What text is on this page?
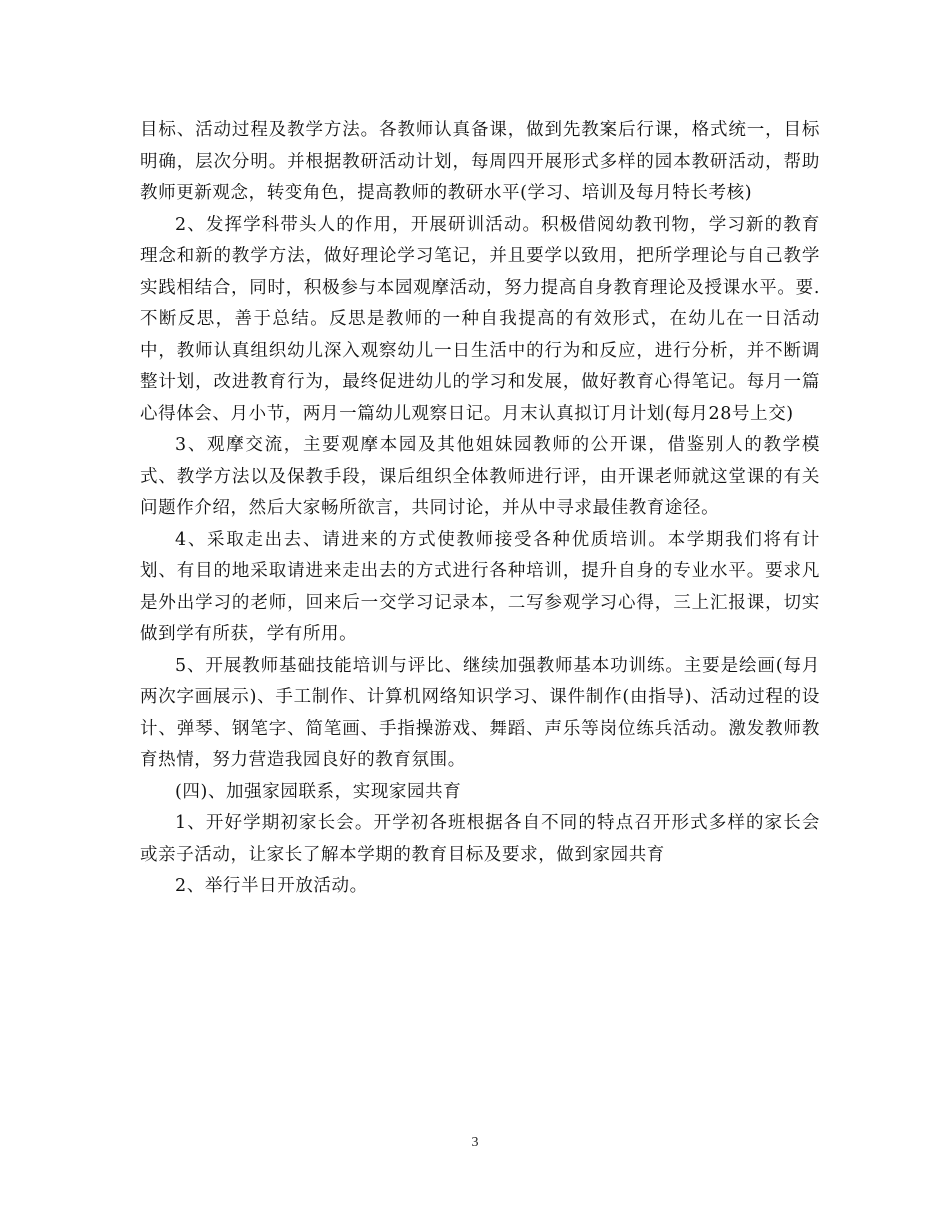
目标、活动过程及教学方法。各教师认真备课，做到先教案后行课，格式统一，目标明确，层次分明。并根据教研活动计划，每周四开展形式多样的园本教研活动，帮助教师更新观念，转变角色，提高教师的教研水平(学习、培训及每月特长考核)

2、发挥学科带头人的作用，开展研训活动。积极借阅幼教刊物，学习新的教育理念和新的教学方法，做好理论学习笔记，并且要学以致用，把所学理论与自己教学实践相结合，同时，积极参与本园观摩活动，努力提高自身教育理论及授课水平。要.不断反思，善于总结。反思是教师的一种自我提高的有效形式，在幼儿在一日活动中，教师认真组织幼儿深入观察幼儿一日生活中的行为和反应，进行分析，并不断调整计划，改进教育行为，最终促进幼儿的学习和发展，做好教育心得笔记。每月一篇心得体会、月小节，两月一篇幼儿观察日记。月末认真拟订月计划(每月28号上交)

3、观摩交流，主要观摩本园及其他姐妹园教师的公开课，借鉴别人的教学模式、教学方法以及保教手段，课后组织全体教师进行评，由开课老师就这堂课的有关问题作介绍，然后大家畅所欲言，共同讨论，并从中寻求最佳教育途径。

4、采取走出去、请进来的方式使教师接受各种优质培训。本学期我们将有计划、有目的地采取请进来走出去的方式进行各种培训，提升自身的专业水平。要求凡是外出学习的老师，回来后一交学习记录本，二写参观学习心得，三上汇报课，切实做到学有所获，学有所用。

5、开展教师基础技能培训与评比、继续加强教师基本功训练。主要是绘画(每月两次字画展示)、手工制作、计算机网络知识学习、课件制作(由指导)、活动过程的设计、弹琴、钢笔字、简笔画、手指操游戏、舞蹈、声乐等岗位练兵活动。激发教师教育热情，努力营造我园良好的教育氛围。

(四)、加强家园联系，实现家园共育

1、开好学期初家长会。开学初各班根据各自不同的特点召开形式多样的家长会或亲子活动，让家长了解本学期的教育目标及要求，做到家园共育

2、举行半日开放活动。

3
